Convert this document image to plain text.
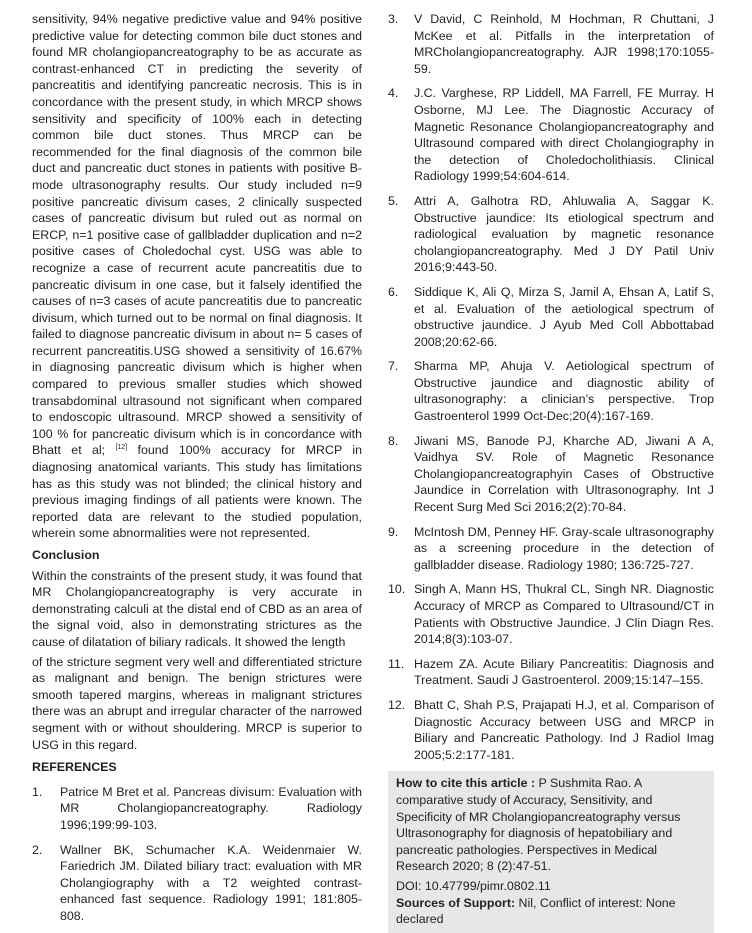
sensitivity, 94% negative predictive value and 94% positive predictive value for detecting common bile duct stones and found MR cholangiopancreatography to be as accurate as contrast-enhanced CT in predicting the severity of pancreatitis and identifying pancreatic necrosis. This is in concordance with the present study, in which MRCP shows sensitivity and specificity of 100% each in detecting common bile duct stones. Thus MRCP can be recommended for the final diagnosis of the common bile duct and pancreatic duct stones in patients with positive B-mode ultrasonography results. Our study included n=9 positive pancreatic divisum cases, 2 clinically suspected cases of pancreatic divisum but ruled out as normal on ERCP, n=1 positive case of gallbladder duplication and n=2 positive cases of Choledochal cyst. USG was able to recognize a case of recurrent acute pancreatitis due to pancreatic divisum in one case, but it falsely identified the causes of n=3 cases of acute pancreatitis due to pancreatic divisum, which turned out to be normal on final diagnosis. It failed to diagnose pancreatic divisum in about n= 5 cases of recurrent pancreatitis.USG showed a sensitivity of 16.67% in diagnosing pancreatic divisum which is higher when compared to previous smaller studies which showed transabdominal ultrasound not significant when compared to endoscopic ultrasound. MRCP showed a sensitivity of 100 % for pancreatic divisum which is in concordance with Bhatt et al; [12] found 100% accuracy for MRCP in diagnosing anatomical variants. This study has limitations has as this study was not blinded; the clinical history and previous imaging findings of all patients were known. The reported data are relevant to the studied population, wherein some abnormalities were not represented.

Conclusion

Within the constraints of the present study, it was found that MR Cholangiopancreatography is very accurate in demonstrating calculi at the distal end of CBD as an area of the signal void, also in demonstrating strictures as the cause of dilatation of biliary radicals. It showed the length

of the stricture segment very well and differentiated stricture as malignant and benign. The benign strictures were smooth tapered margins, whereas in malignant strictures there was an abrupt and irregular character of the narrowed segment with or without shouldering. MRCP is superior to USG in this regard.

REFERENCES
1.	Patrice M Bret et al. Pancreas divisum: Evaluation with MR Cholangiopancreatography. Radiology 1996;199:99-103.
2.	Wallner BK, Schumacher K.A. Weidenmaier W. Fariedrich JM. Dilated biliary tract: evaluation with MR Cholangiography with a T2 weighted contrast-enhanced fast sequence. Radiology 1991; 181:805-808.
3.	V David, C Reinhold, M Hochman, R Chuttani, J McKee et al. Pitfalls in the interpretation of MRCholangiopancreatography. AJR 1998;170:1055-59.
4.	J.C. Varghese, RP Liddell, MA Farrell, FE Murray. H Osborne, MJ Lee. The Diagnostic Accuracy of Magnetic Resonance Cholangiopancreatography and Ultrasound compared with direct Cholangiography in the detection of Choledocholithiasis. Clinical Radiology 1999;54:604-614.
5.	Attri A, Galhotra RD, Ahluwalia A, Saggar K. Obstructive jaundice: Its etiological spectrum and radiological evaluation by magnetic resonance cholangiopancreatography. Med J DY Patil Univ 2016;9:443-50.
6.	Siddique K, Ali Q, Mirza S, Jamil A, Ehsan A, Latif S, et al. Evaluation of the aetiological spectrum of obstructive jaundice. J Ayub Med Coll Abbottabad 2008;20:62-66.
7.	Sharma MP, Ahuja V. Aetiological spectrum of Obstructive jaundice and diagnostic ability of ultrasonography: a clinician’s perspective. Trop Gastroenterol 1999 Oct-Dec;20(4):167-169.
8.	Jiwani MS, Banode PJ, Kharche AD, Jiwani A A, Vaidhya SV. Role of Magnetic Resonance Cholangiopancreatographyin Cases of Obstructive Jaundice in Correlation with Ultrasonography. Int J Recent Surg Med Sci 2016;2(2):70-84.
9.	McIntosh DM, Penney HF. Gray-scale ultrasonography as a screening procedure in the detection of gallbladder disease. Radiology 1980; 136:725-727.
10. Singh A, Mann HS, Thukral CL, Singh NR. Diagnostic Accuracy of MRCP as Compared to Ultrasound/CT in Patients with Obstructive Jaundice. J Clin Diagn Res. 2014;8(3):103-07.
11. Hazem ZA. Acute Biliary Pancreatitis: Diagnosis and Treatment. Saudi J Gastroenterol. 2009;15:147–155.
12. Bhatt C, Shah P.S, Prajapati H.J, et al. Comparison of Diagnostic Accuracy between USG and MRCP in Biliary and Pancreatic Pathology. Ind J Radiol Imag 2005;5:2:177-181.

How to cite this article : P Sushmita Rao. A comparative study of Accuracy, Sensitivity, and Specificity of MR Cholangiopancreatography versus Ultrasonography for diagnosis of hepatobiliary and pancreatic pathologies. Perspectives in Medical Research 2020; 8 (2):47-51.

DOI: 10.47799/pimr.0802.11

Sources of Support: Nil, Conflict of interest: None declared
